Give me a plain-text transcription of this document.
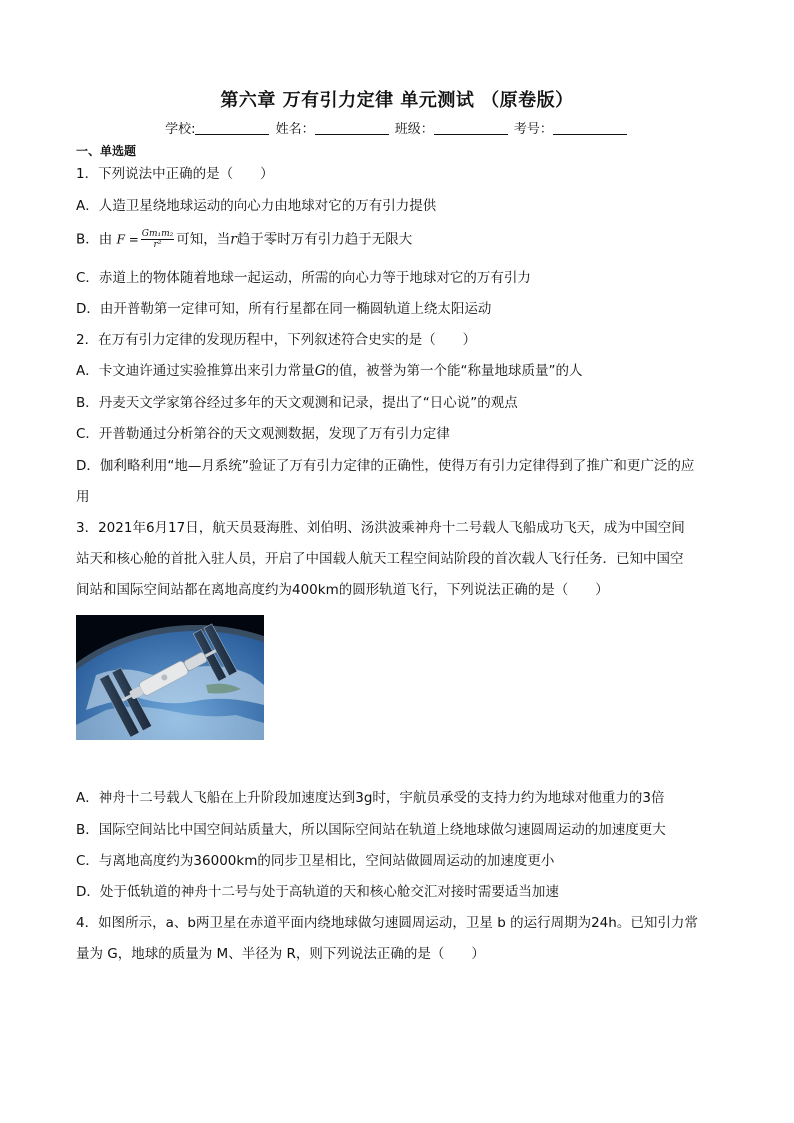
第六章 万有引力定律 单元测试 （原卷版）
学校:	姓名：	班级：	考号：
一、单选题
1．下列说法中正确的是（　　）
A．人造卫星绕地球运动的向心力由地球对它的万有引力提供
B．由 $F = \frac{\text{Gm₁m₂}}{\text{r²}}$ 可知，当r趋于零时万有引力趋于无限大
C．赤道上的物体随着地球一起运动，所需的向心力等于地球对它的万有引力
D．由开普勒第一定律可知，所有行星都在同一椭圆轨道上绕太阳运动
2．在万有引力定律的发现历程中，下列叙述符合史实的是（　　）
A．卡文迪许通过实验推算出来引力常量G的值，被誉为第一个能“称量地球质量”的人
B．丹麦天文学家第谷经过多年的天文观测和记录，提出了“日心说”的观点
C．开普勒通过分析第谷的天文观测数据，发现了万有引力定律
D．伽利略利用“地—月系统”验证了万有引力定律的正确性，使得万有引力定律得到了推广和更广泛的应
用
3．2021年6月17日，航天员聂海胜、刘伯明、汤洪波乘神舟十二号载人飞船成功飞天，成为中国空间
站天和核心舱的首批入驻人员，开启了中国载人航天工程空间站阶段的首次载人飞行任务．已知中国空
间站和国际空间站都在离地高度约为400km的圆形轨道飞行，下列说法正确的是（　　）
A．神舟十二号载人飞船在上升阶段加速度达到3g时，宇航员承受的支持力约为地球对他重力的3倍
B．国际空间站比中国空间站质量大，所以国际空间站在轨道上绕地球做匀速圆周运动的加速度更大
C．与离地高度约为36000km的同步卫星相比，空间站做圆周运动的加速度更小
D．处于低轨道的神舟十二号与处于高轨道的天和核心舱交汇对接时需要适当加速
4．如图所示，a、b两卫星在赤道平面内绕地球做匀速圆周运动，卫星 b 的运行周期为24h。已知引力常
量为 G，地球的质量为 M、半径为 R，则下列说法正确的是（　　）
